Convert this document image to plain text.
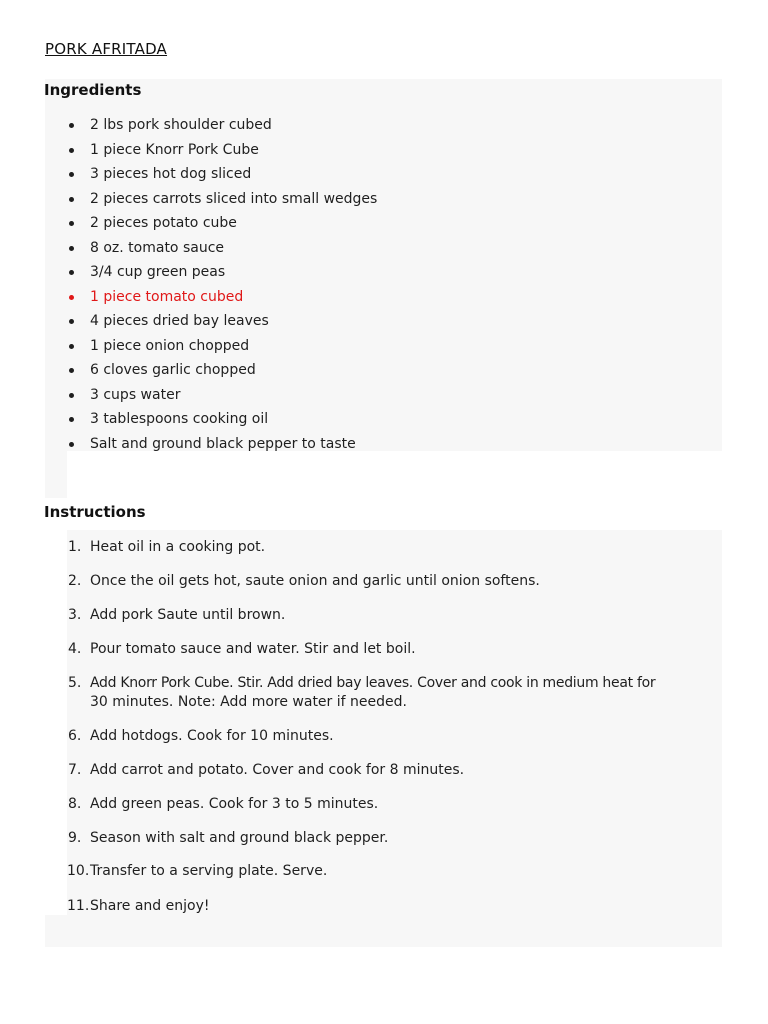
PORK AFRITADA
Ingredients
2 lbs pork shoulder cubed
1 piece Knorr Pork Cube
3 pieces hot dog sliced
2 pieces carrots sliced into small wedges
2 pieces potato cube
8 oz. tomato sauce
3/4 cup green peas
1 piece tomato cubed
4 pieces dried bay leaves
1 piece onion chopped
6 cloves garlic chopped
3 cups water
3 tablespoons cooking oil
Salt and ground black pepper to taste
Instructions
1. Heat oil in a cooking pot.
2. Once the oil gets hot, saute onion and garlic until onion softens.
3. Add pork Saute until brown.
4. Pour tomato sauce and water. Stir and let boil.
5. Add Knorr Pork Cube. Stir. Add dried bay leaves. Cover and cook in medium heat for
30 minutes. Note: Add more water if needed.
6. Add hotdogs. Cook for 10 minutes.
7. Add carrot and potato. Cover and cook for 8 minutes.
8. Add green peas. Cook for 3 to 5 minutes.
9. Season with salt and ground black pepper.
10. Transfer to a serving plate. Serve.
11. Share and enjoy!
